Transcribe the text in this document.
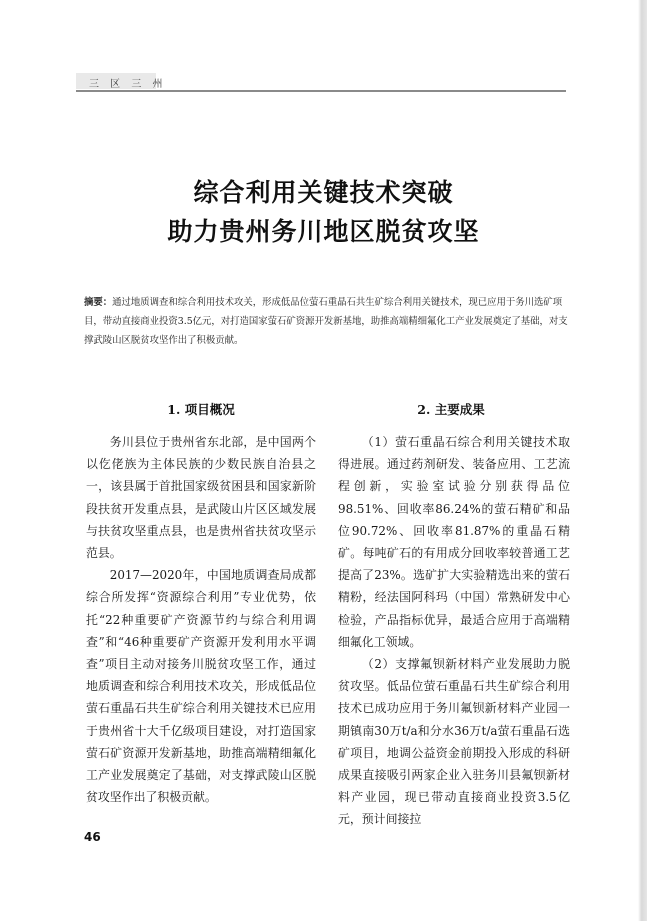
三 区 三 州
综合利用关键技术突破
助力贵州务川地区脱贫攻坚
摘要：通过地质调查和综合利用技术攻关，形成低品位萤石重晶石共生矿综合利用关键技术，现已应用于务川选矿项目，带动直接商业投资3.5亿元，对打造国家萤石矿资源开发新基地，助推高端精细氟化工产业发展奠定了基础，对支撑武陵山区脱贫攻坚作出了积极贡献。
1. 项目概况	2. 主要成果

务川县位于贵州省东北部，是中国两个以仡佬族为主体民族的少数民族自治县之一，该县属于首批国家级贫困县和国家新阶段扶贫开发重点县，是武陵山片区区域发展与扶贫攻坚重点县，也是贵州省扶贫攻坚示范县。

2017—2020年，中国地质调查局成都综合所发挥“资源综合利用”专业优势，依托“22种重要矿产资源节约与综合利用调查”和“46种重要矿产资源开发利用水平调查”项目主动对接务川脱贫攻坚工作，通过地质调查和综合利用技术攻关，形成低品位萤石重晶石共生矿综合利用关键技术已应用于贵州省十大千亿级项目建设，对打造国家萤石矿资源开发新基地，助推高端精细氟化工产业发展奠定了基础，对支撑武陵山区脱贫攻坚作出了积极贡献。

（1）萤石重晶石综合利用关键技术取得进展。通过药剂研发、装备应用、工艺流程创新，实验室试验分别获得品位98.51%、回收率86.24%的萤石精矿和品位90.72%、回收率81.87%的重晶石精矿。每吨矿石的有用成分回收率较普通工艺提高了23%。选矿扩大实验精选出来的萤石精粉，经法国阿科玛（中国）常熟研发中心检验，产品指标优异，最适合应用于高端精细氟化工领域。

（2）支撑氟钡新材料产业发展助力脱贫攻坚。低品位萤石重晶石共生矿综合利用技术已成功应用于务川氟钡新材料产业园一期镇南30万t/a和分水36万t/a萤石重晶石选矿项目，地调公益资金前期投入形成的科研成果直接吸引两家企业入驻务川县氟钡新材料产业园，现已带动直接商业投资3.5亿元，预计间接拉

46
